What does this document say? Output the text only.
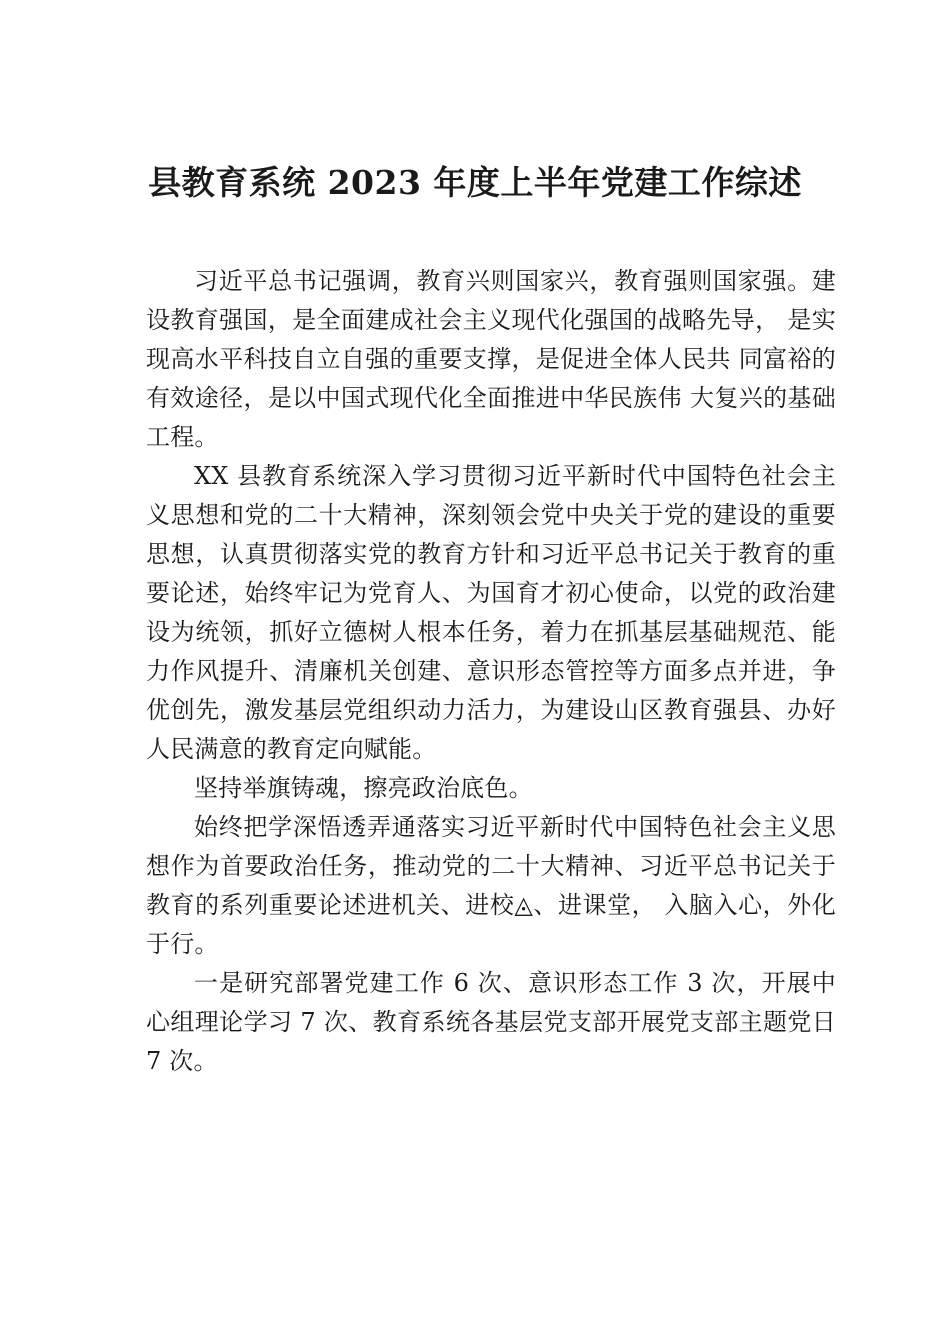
县教育系统 2023 年度上半年党建工作综述

习近平总书记强调，教育兴则国家兴，教育强则国家强。建设教育强国，是全面建成社会主义现代化强国的战略先导， 是实现高水平科技自立自强的重要支撑，是促进全体人民共 同富裕的有效途径，是以中国式现代化全面推进中华民族伟 大复兴的基础工程。

XX 县教育系统深入学习贯彻习近平新时代中国特色社会主义思想和党的二十大精神，深刻领会党中央关于党的建设的重要思想，认真贯彻落实党的教育方针和习近平总书记关于教育的重要论述，始终牢记为党育人、为国育才初心使命，以党的政治建设为统领，抓好立德树人根本任务，着力在抓基层基础规范、能力作风提升、清廉机关创建、意识形态管控等方面多点并进，争优创先，激发基层党组织动力活力，为建设山区教育强县、办好人民满意的教育定向赋能。

坚持举旗铸魂，擦亮政治底色。

始终把学深悟透弄通落实习近平新时代中国特色社会主义思想作为首要政治任务，推动党的二十大精神、习近平总书记关于教育的系列重要论述进机关、进校◬、进课堂， 入脑入心，外化于行。

一是研究部署党建工作 6 次、意识形态工作 3 次，开展中心组理论学习 7 次、教育系统各基层党支部开展党支部主题党日 7 次。
